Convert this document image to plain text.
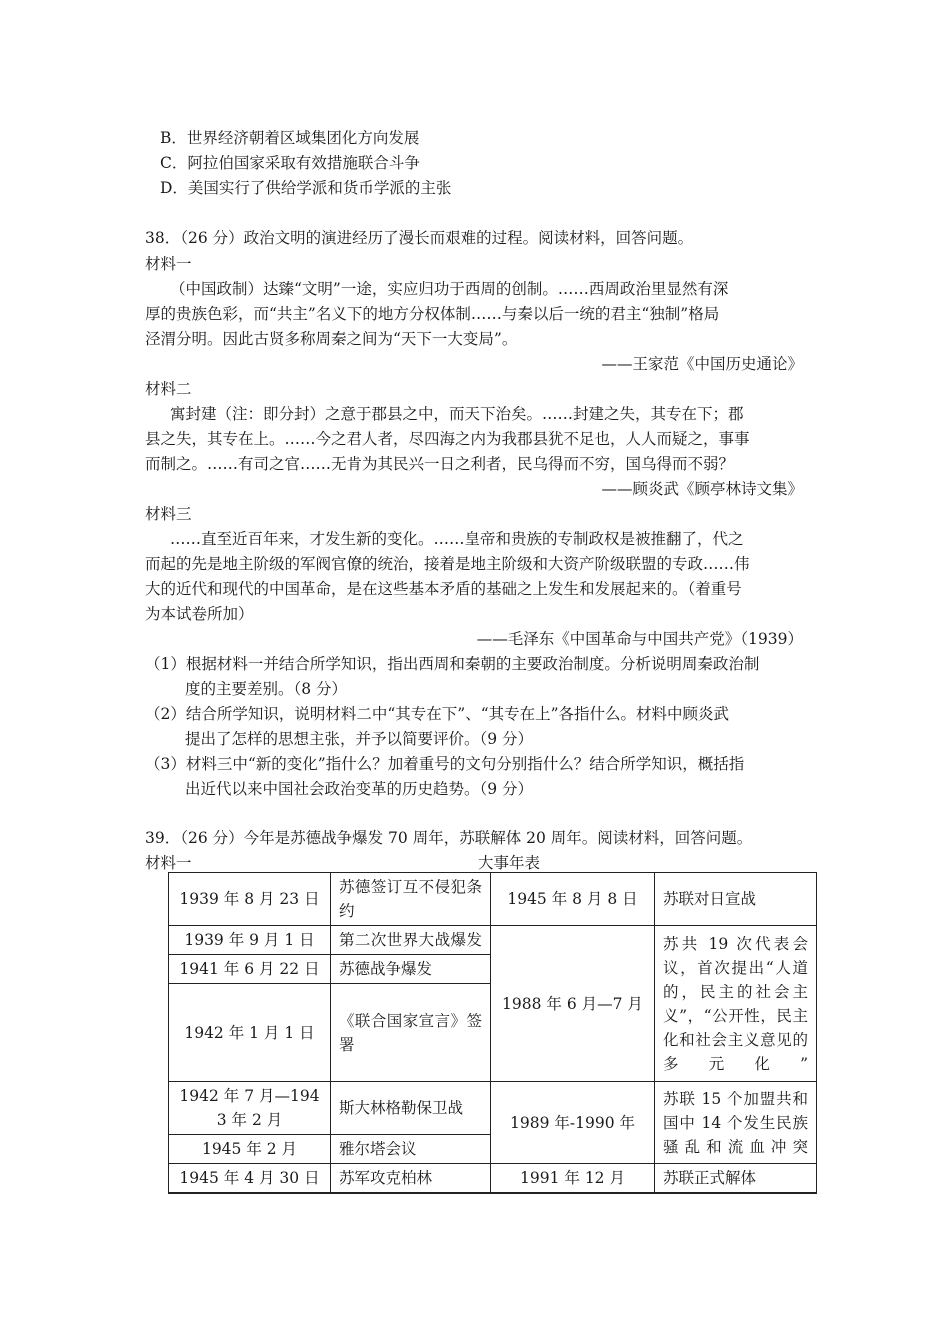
B．世界经济朝着区域集团化方向发展
C．阿拉伯国家采取有效措施联合斗争
D．美国实行了供给学派和货币学派的主张
38．（26 分）政治文明的演进经历了漫长而艰难的过程。阅读材料，回答问题。
材料一
（中国政制）达臻“文明”一途，实应归功于西周的创制。……西周政治里显然有深
厚的贵族色彩，而“共主”名义下的地方分权体制……与秦以后一统的君主“独制”格局
泾渭分明。因此古贤多称周秦之间为“天下一大变局”。
——王家范《中国历史通论》
材料二
寓封建（注：即分封）之意于郡县之中，而天下治矣。……封建之失，其专在下；郡
县之失，其专在上。……今之君人者，尽四海之内为我郡县犹不足也，人人而疑之，事事
而制之。……有司之官……无肯为其民兴一日之利者，民乌得而不穷，国乌得而不弱？
——顾炎武《顾亭林诗文集》
材料三
……直至近百年来，才发生新的变化。……皇帝和贵族的专制政权是被推翻了，代之
而起的先是地主阶级的军阀官僚的统治，接着是地主阶级和大资产阶级联盟的专政……伟
大的近代和现代的中国革命，是在这些基本矛盾的基础之上发生和发展起来的。（着重号
为本试卷所加）
——毛泽东《中国革命与中国共产党》（1939）
（1）根据材料一并结合所学知识，指出西周和秦朝的主要政治制度。分析说明周秦政治制
度的主要差别。（8 分）
（2）结合所学知识，说明材料二中“其专在下”、“其专在上”各指什么。材料中顾炎武
提出了怎样的思想主张，并予以简要评价。（9 分）
（3）材料三中“新的变化”指什么？加着重号的文句分别指什么？结合所学知识，概括指
出近代以来中国社会政治变革的历史趋势。（9 分）
39．（26 分）今年是苏德战争爆发 70 周年，苏联解体 20 周年。阅读材料，回答问题。
材料一	大事年表
1939 年 8 月 23 日	苏德签订互不侵犯条约	1945 年 8 月 8 日	苏联对日宣战
1939 年 9 月 1 日	第二次世界大战爆发	1988 年 6 月—7 月	苏共 19 次代表会议，首次提出“人道的，民主的社会主义”，“公开性，民主化和社会主义意见的多元化”
1941 年 6 月 22 日	苏德战争爆发		
1942 年 1 月 1 日	《联合国家宣言》签署		
1942 年 7 月—1943 年 2 月	斯大林格勒保卫战	1989 年-1990 年	苏联 15 个加盟共和国中 14 个发生民族骚乱和流血冲突
1945 年 2 月	雅尔塔会议		
1945 年 4 月 30 日	苏军攻克柏林	1991 年 12 月	苏联正式解体
